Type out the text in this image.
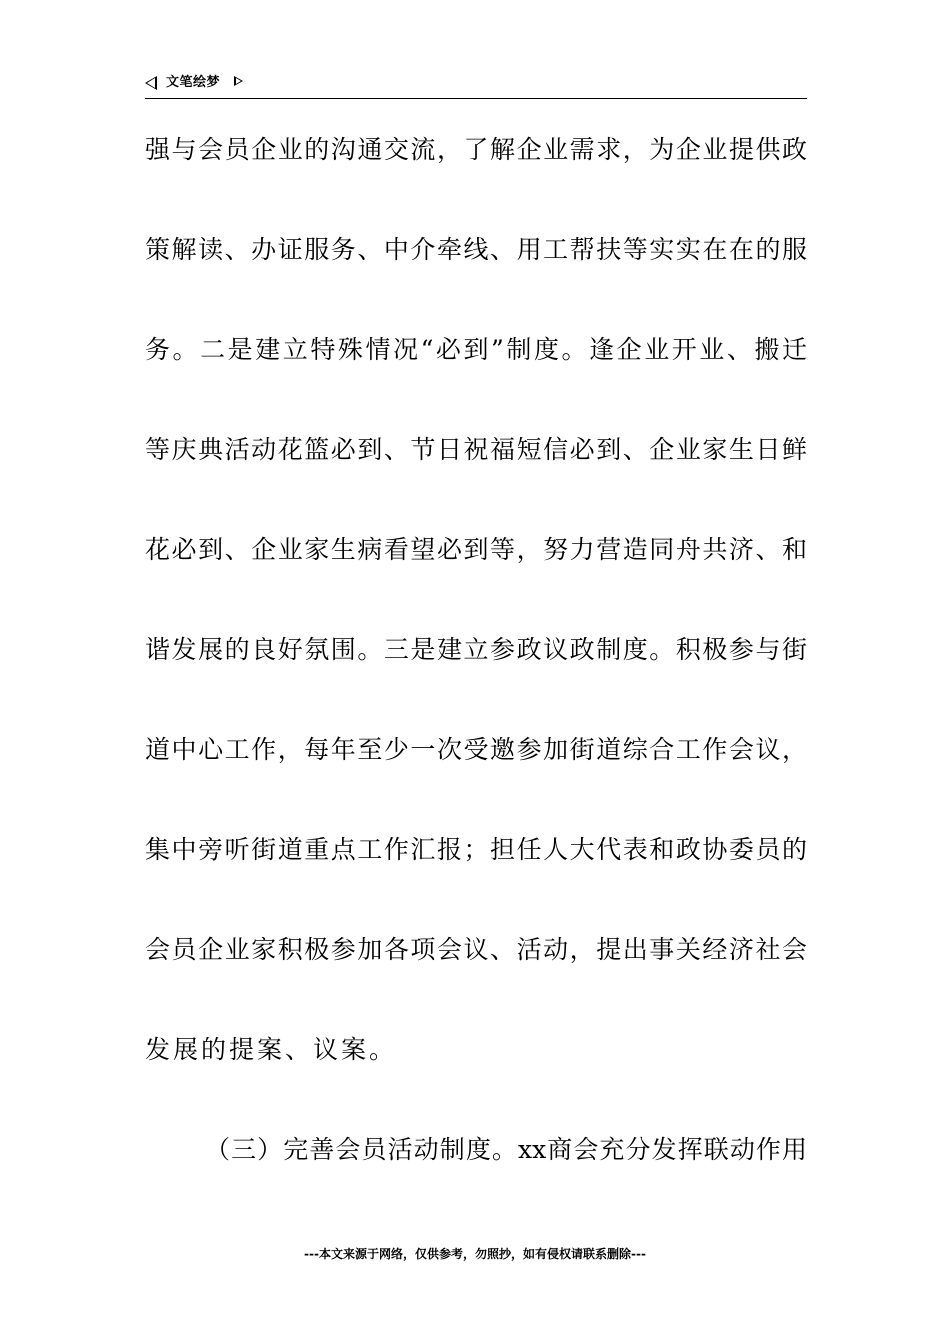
文笔绘梦
强与会员企业的沟通交流，了解企业需求，为企业提供政
策解读、办证服务、中介牵线、用工帮扶等实实在在的服
务。二是建立特殊情况“必到”制度。逢企业开业、搬迁
等庆典活动花篮必到、节日祝福短信必到、企业家生日鲜
花必到、企业家生病看望必到等，努力营造同舟共济、和
谐发展的良好氛围。三是建立参政议政制度。积极参与街
道中心工作，每年至少一次受邀参加街道综合工作会议，
集中旁听街道重点工作汇报；担任人大代表和政协委员的
会员企业家积极参加各项会议、活动，提出事关经济社会
发展的提案、议案。
（三）完善会员活动制度。xx商会充分发挥联动作用
---本文来源于网络，仅供参考，勿照抄，如有侵权请联系删除---
